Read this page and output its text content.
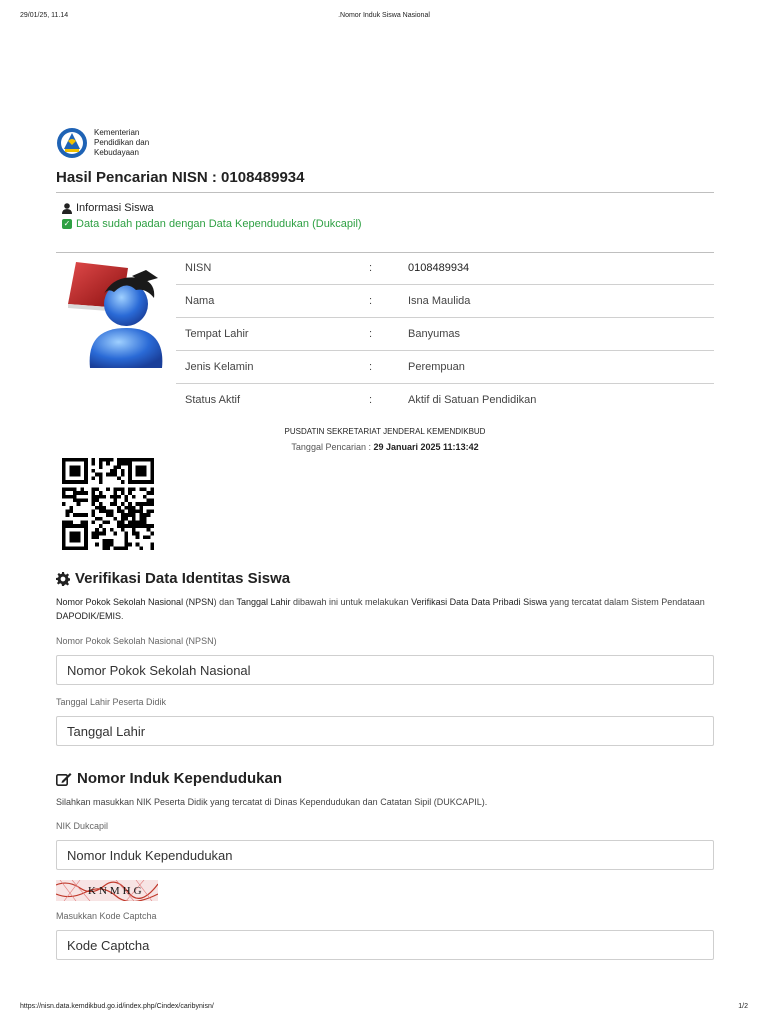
29/01/25, 11.14	.Nomor Induk Siswa Nasional
Kementerian
Pendidikan dan
Kebudayaan
Hasil Pencarian NISN : 0108489934
Informasi Siswa
✓ Data sudah padan dengan Data Kependudukan (Dukcapil)
NISN	:	0108489934
Nama	:	Isna Maulida
Tempat Lahir	:	Banyumas
Jenis Kelamin	:	Perempuan
Status Aktif	:	Aktif di Satuan Pendidikan
PUSDATIN SEKRETARIAT JENDERAL KEMENDIKBUD
Tanggal Pencarian : 29 Januari 2025 11:13:42
Verifikasi Data Identitas Siswa
Nomor Pokok Sekolah Nasional (NPSN) dan Tanggal Lahir dibawah ini untuk melakukan Verifikasi Data Data Pribadi Siswa yang tercatat dalam Sistem Pendataan DAPODIK/EMIS.
Nomor Pokok Sekolah Nasional (NPSN)
Nomor Pokok Sekolah Nasional
Tanggal Lahir Peserta Didik
Tanggal Lahir
Nomor Induk Kependudukan
Silahkan masukkan NIK Peserta Didik yang tercatat di Dinas Kependudukan dan Catatan Sipil (DUKCAPIL).
NIK Dukcapil
Nomor Induk Kependudukan
KNMHG
Masukkan Kode Captcha
Kode Captcha
https://nisn.data.kemdikbud.go.id/index.php/Cindex/caribynisn/	1/2
